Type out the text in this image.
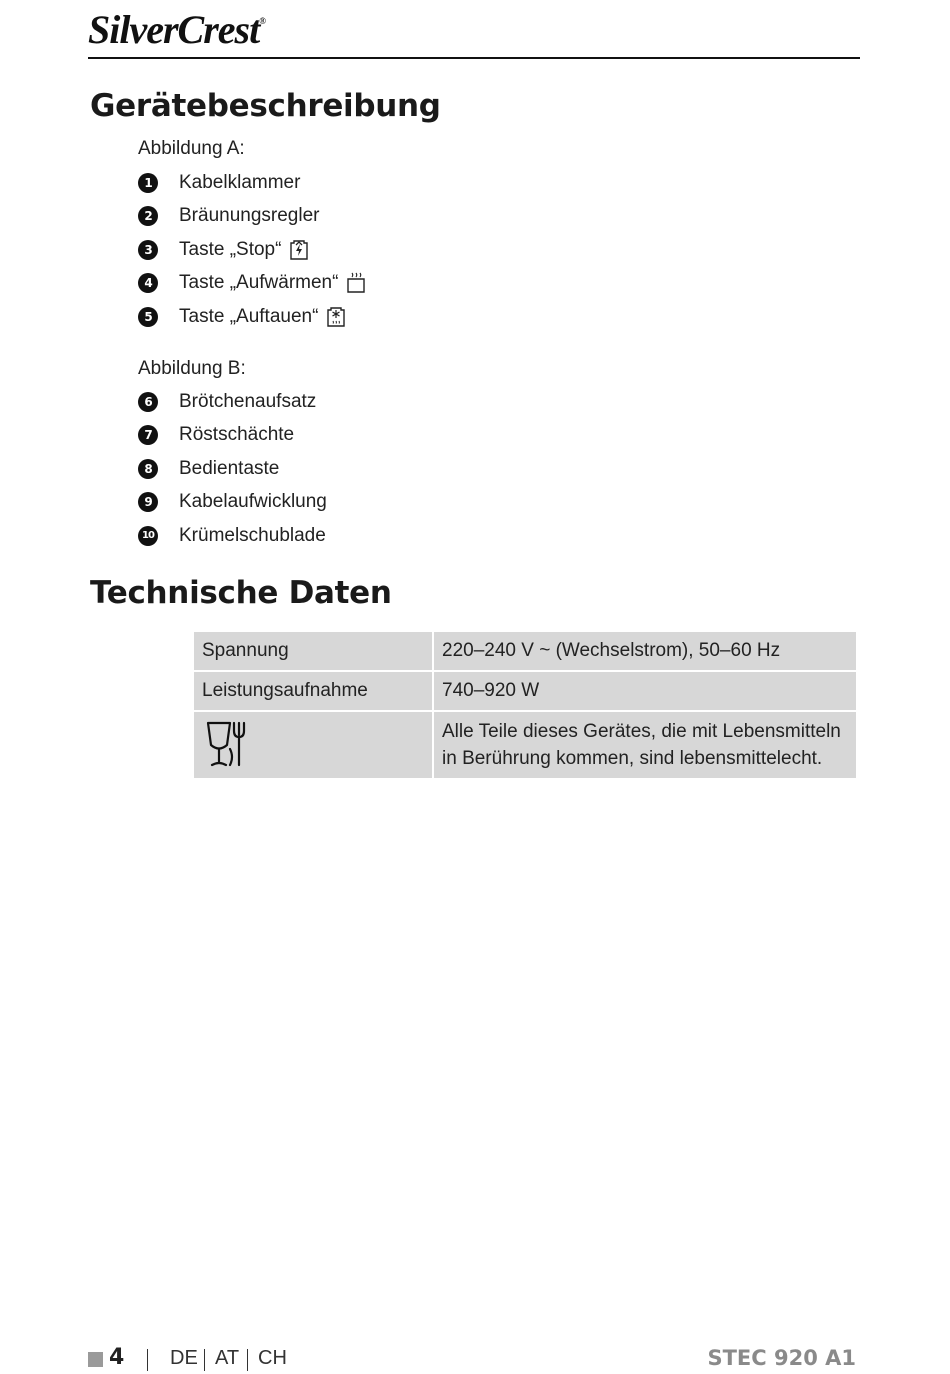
SilverCrest®
Gerätebeschreibung
Abbildung A:
1	Kabelklammer
2	Bräunungsregler
3	Taste „Stop“
4	Taste „Aufwärmen“
5	Taste „Auftauen“
Abbildung B:
6	Brötchenaufsatz
7	Röstschächte
8	Bedientaste
9	Kabelaufwicklung
10 Krümelschublade
Technische Daten
Spannung	220–240 V ~ (Wechselstrom), 50–60 Hz
Leistungsaufnahme	740–920 W

	Alle Teile dieses Gerätes, die mit Lebensmitteln in Berührung kommen, sind lebensmittelecht.
4 DE AT CH	STEC 920 A1
